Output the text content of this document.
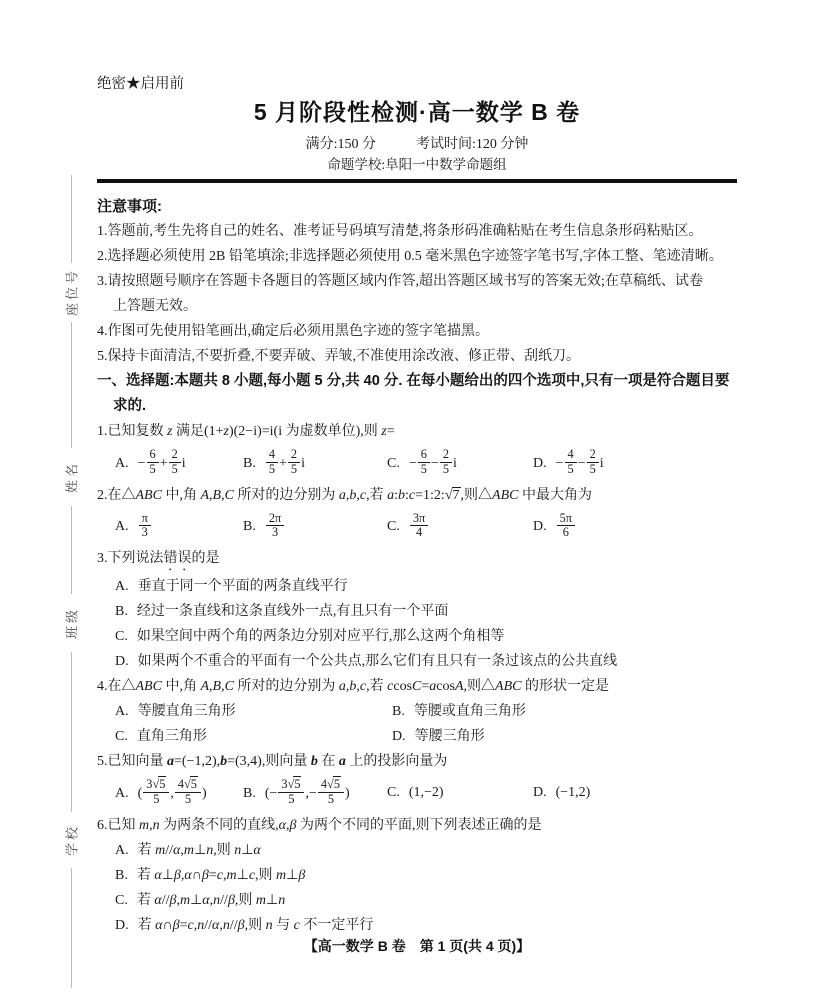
座位号
姓名
班级
学校
绝密★启用前
5 月阶段性检测·高一数学 B 卷
满分:150 分	考试时间:120 分钟
命题学校:阜阳一中数学命题组
注意事项:

1.答题前,考生先将自己的姓名、准考证号码填写清楚,将条形码准确粘贴在考生信息条形码粘贴区。

2.选择题必须使用 2B 铅笔填涂;非选择题必须使用 0.5 毫米黑色字迹签字笔书写,字体工整、笔迹清晰。

3.请按照题号顺序在答题卡各题目的答题区域内作答,超出答题区域书写的答案无效;在草稿纸、试卷

上答题无效。

4.作图可先使用铅笔画出,确定后必须用黑色字迹的签字笔描黑。

5.保持卡面清洁,不要折叠,不要弄破、弄皱,不准使用涂改液、修正带、刮纸刀。

一、选择题:本题共 8 小题,每小题 5 分,共 40 分. 在每小题给出的四个选项中,只有一项是符合题目要
求的.
1.已知复数 z 满足(1+z)(2−i)=i(i 为虚数单位),则 z=
A. − $\frac{6}{5} + \frac{2}{5}$ i	B. $\frac{4}{5} + \frac{2}{5}$ i	C. − $\frac{6}{5} - \frac{2}{5}$ i	D. − $\frac{4}{5} - \frac{2}{5}$ i
2.在△ABC 中,角 A,B,C 所对的边分别为 a,b,c,若 a:b:c=1:2:√7,则△ABC 中最大角为
A. $\frac{\pi}{3}$	B. $\frac{2\pi}{3}$	C. $\frac{3\pi}{4}$	D. $\frac{5\pi}{6}$
3.下列说法错误的是
A. 垂直于同一个平面的两条直线平行
B. 经过一条直线和这条直线外一点,有且只有一个平面
C. 如果空间中两个角的两条边分别对应平行,那么这两个角相等
D. 如果两个不重合的平面有一个公共点,那么它们有且只有一条过该点的公共直线
4.在△ABC 中,角 A,B,C 所对的边分别为 a,b,c,若 ccosC=acosA,则△ABC 的形状一定是
A. 等腰直角三角形	B. 等腰或直角三角形
C. 直角三角形	D. 等腰三角形
5.已知向量 a=(−1,2),b=(3,4),则向量 b 在 a 上的投影向量为
A. ( $\frac{3√5}{5}$ , $\frac{4√5}{5}$ )	B. (− $\frac{3√5}{5}$ ,− $\frac{4√5}{5}$ )	C. (1,−2)	D. (−1,2)
6.已知 m,n 为两条不同的直线,α,β 为两个不同的平面,则下列表述正确的是
A. 若 m//α,m⊥n,则 n⊥α
B. 若 α⊥β,α∩β=c,m⊥c,则 m⊥β
C. 若 α//β,m⊥α,n//β,则 m⊥n
D. 若 α∩β=c,n//α,n//β,则 n 与 c 不一定平行
【高一数学 B 卷　第 1 页(共 4 页)】
